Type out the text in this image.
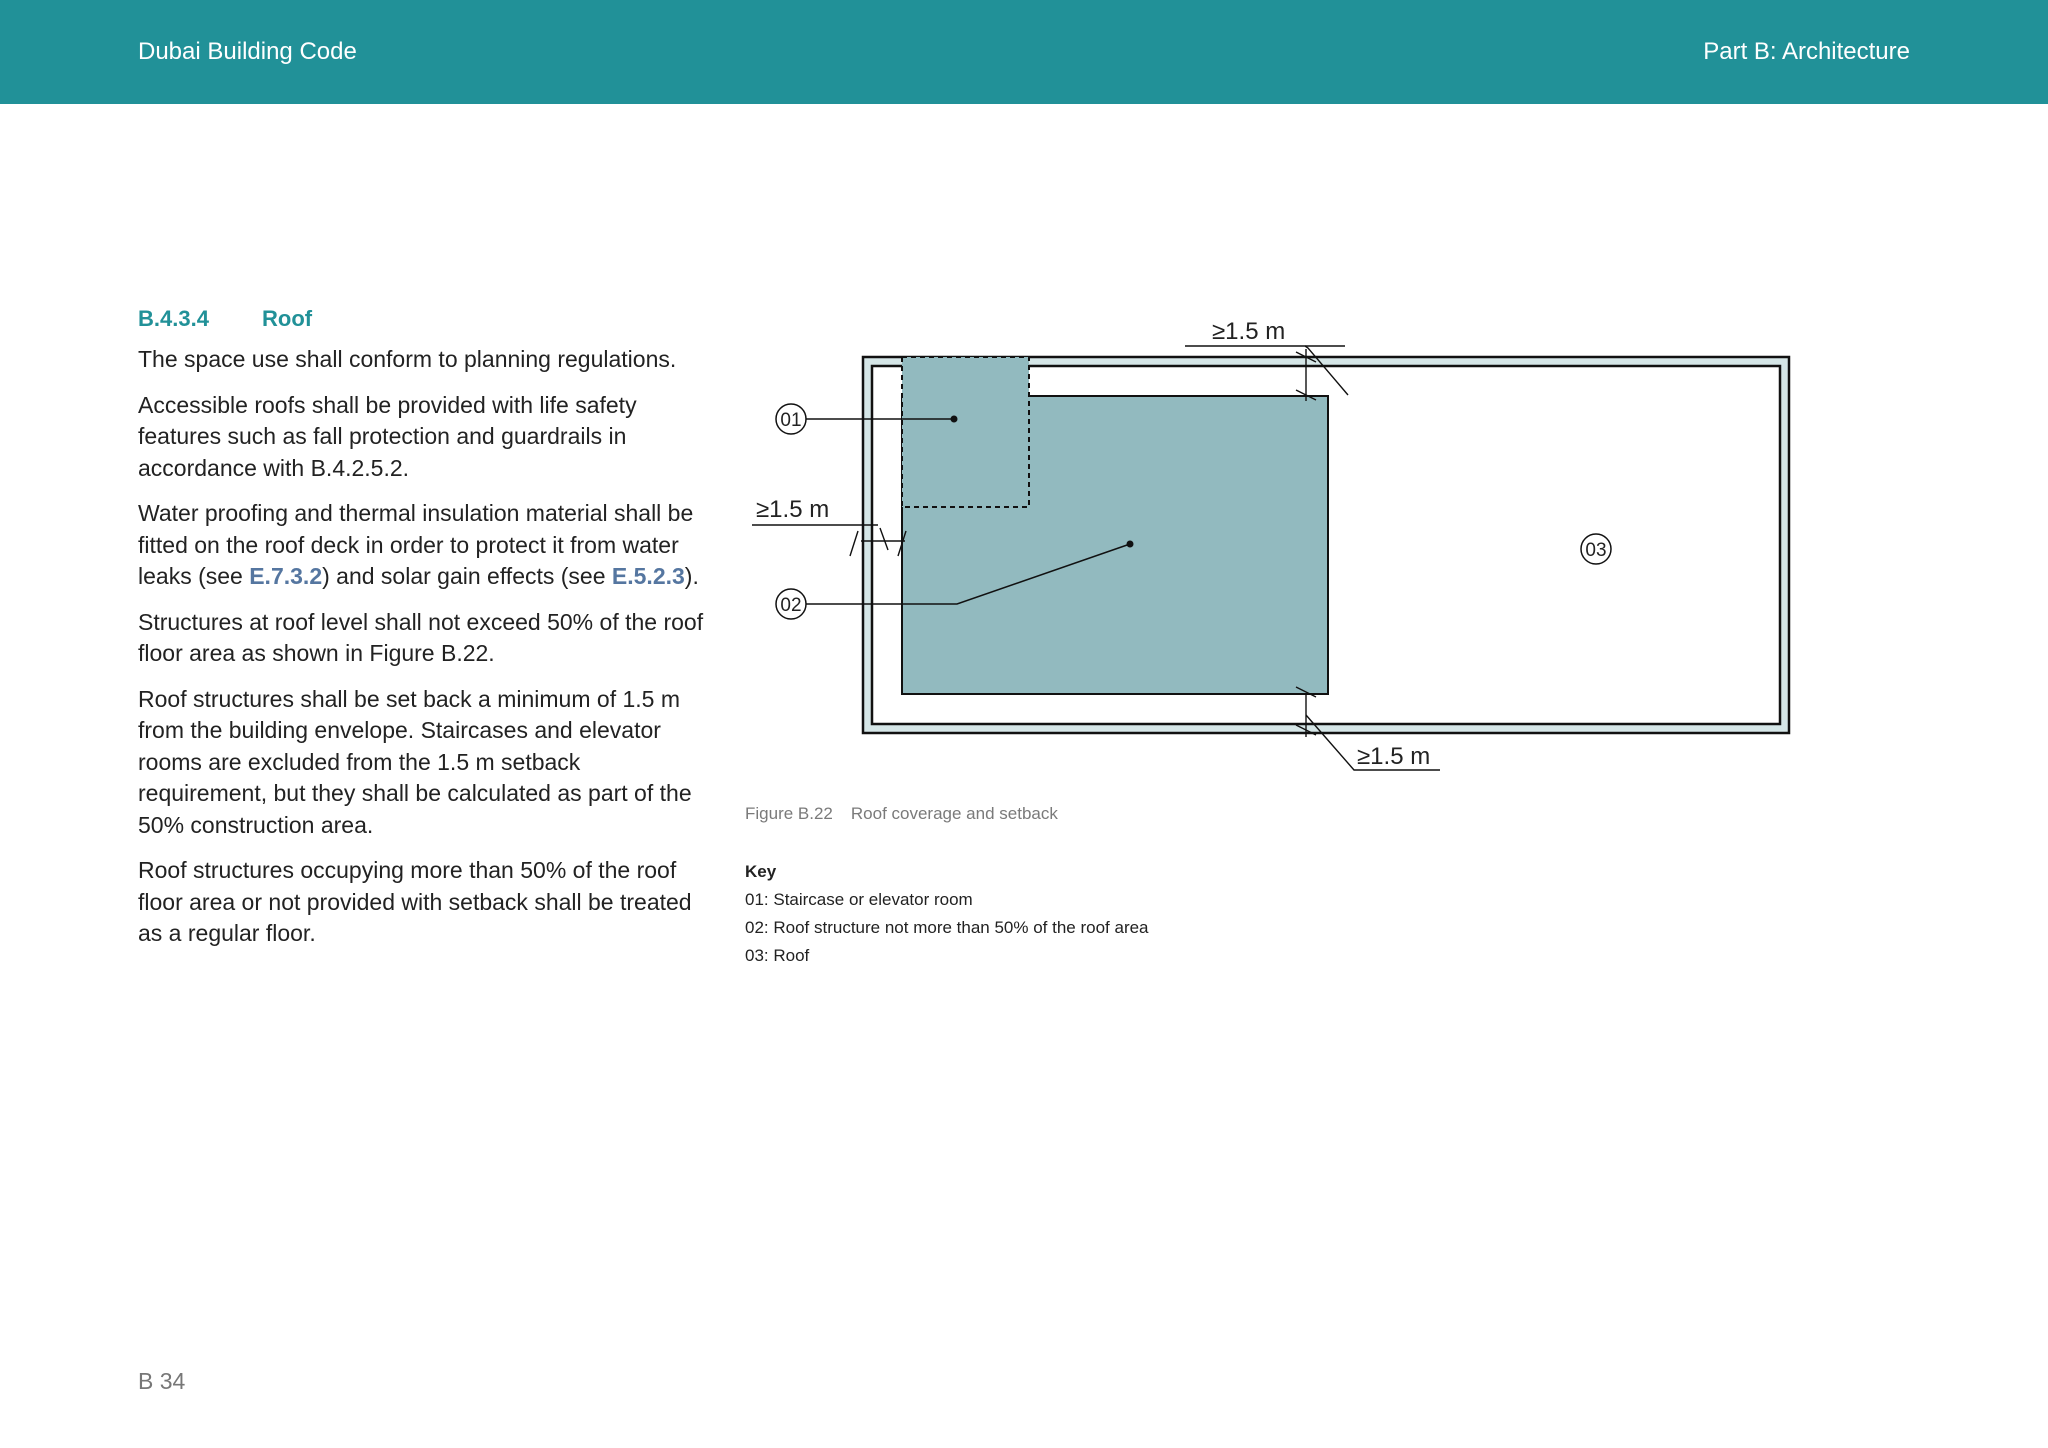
Dubai Building Code	Part B: Architecture
B.4.3.4 Roof

The space use shall conform to planning regulations.

Accessible roofs shall be provided with life safety features such as fall protection and guardrails in accordance with B.4.2.5.2.

Water proofing and thermal insulation material shall be fitted on the roof deck in order to protect it from water leaks (see E.7.3.2) and solar gain effects (see E.5.2.3).

Structures at roof level shall not exceed 50% of the roof floor area as shown in Figure B.22.

Roof structures shall be set back a minimum of 1.5 m from the building envelope. Staircases and elevator rooms are excluded from the 1.5 m setback requirement, but they shall be calculated as part of the 50% construction area.

Roof structures occupying more than 50% of the roof floor area or not provided with setback shall be treated as a regular floor.

01
02
03
≥1.5 m
≥1.5 m
≥1.5 m
Figure B.22 Roof coverage and setback
Key
01: Staircase or elevator room
02: Roof structure not more than 50% of the roof area
03: Roof
B 34
